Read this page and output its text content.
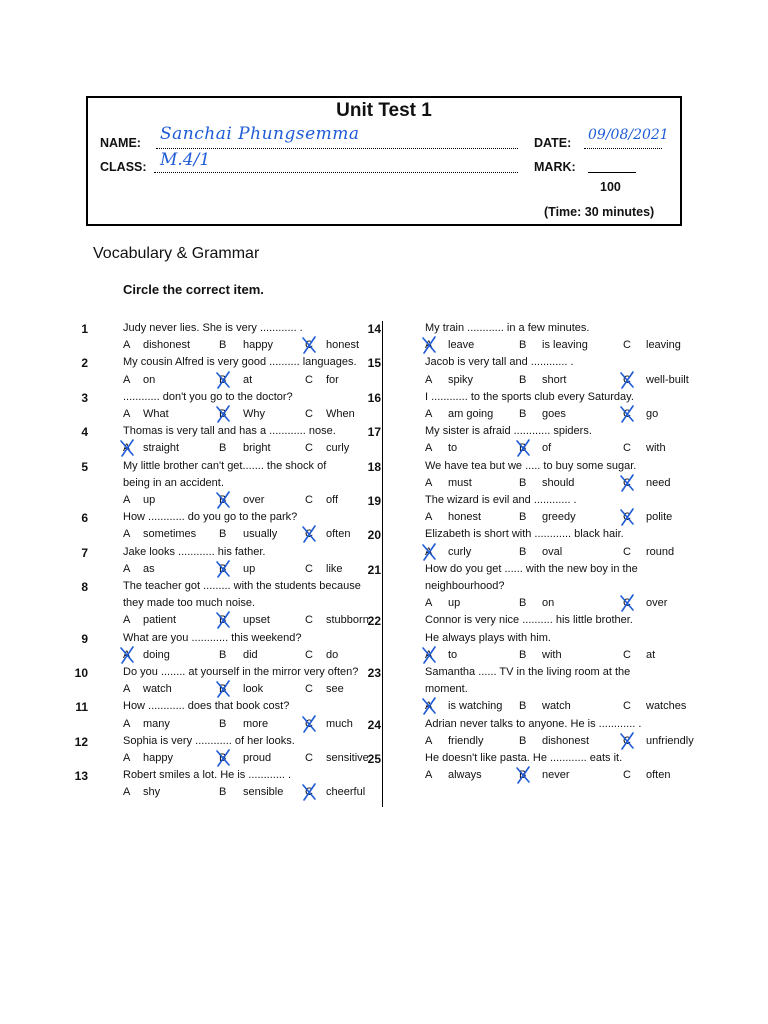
Unit Test 1
NAME: Sanchai Phungsemma	DATE: 09/08/2021
CLASS: M.4/1	MARK:
100
(Time: 30 minutes)
Vocabulary & Grammar
Circle the correct item.
1	Judy never lies. She is very ............ .
A dishonest	B happy	C honest
2	My cousin Alfred is very good .......... languages.
A on	B at	C for
3	............ don't you go to the doctor?
A What	B Why	C When
4	Thomas is very tall and has a ............ nose.
A straight	B bright	C curly
5	My little brother can't get....... the shock of
being in an accident.
A up	B over	C off
6	How ............ do you go to the park?
A sometimes B usually	C often
7	Jake looks ............ his father.
A as	B up	C like
8	The teacher got ......... with the students because
they made too much noise.
A patient	B upset	C stubborn
9	What are you ............ this weekend?
A doing	B did	C do
10	Do you ........ at yourself in the mirror very often?
A watch	B look	C see
11	How ............ does that book cost?
A many	B more	C much
12	Sophia is very ............ of her looks.
A happy	B proud	C sensitive
13	Robert smiles a lot. He is ............ .
A shy	B sensible C cheerful
14	My train ............ in a few minutes.
A leave	B is leaving	C leaving
15	Jacob is very tall and ............ .
A spiky	B short	C well-built
16	I ............ to the sports club every Saturday.
A am going B goes	C go
17	My sister is afraid ............ spiders.
A to	B of	C with
18	We have tea but we ..... to buy some sugar.
A must	B should	C need
19	The wizard is evil and ............ .
A honest	B greedy	C polite
20	Elizabeth is short with ............ black hair.
A curly	B oval	C round
21	How do you get ...... with the new boy in the
neighbourhood?
A up	B on	C over
22	Connor is very nice .......... his little brother.
He always plays with him.
A to	B with	C at
23	Samantha ...... TV in the living room at the
moment.
A is watching B watch	C watches
24	Adrian never talks to anyone. He is ............ .
A friendly	B dishonest	C unfriendly
25	He doesn't like pasta. He ............ eats it.
A always	B never	C often
